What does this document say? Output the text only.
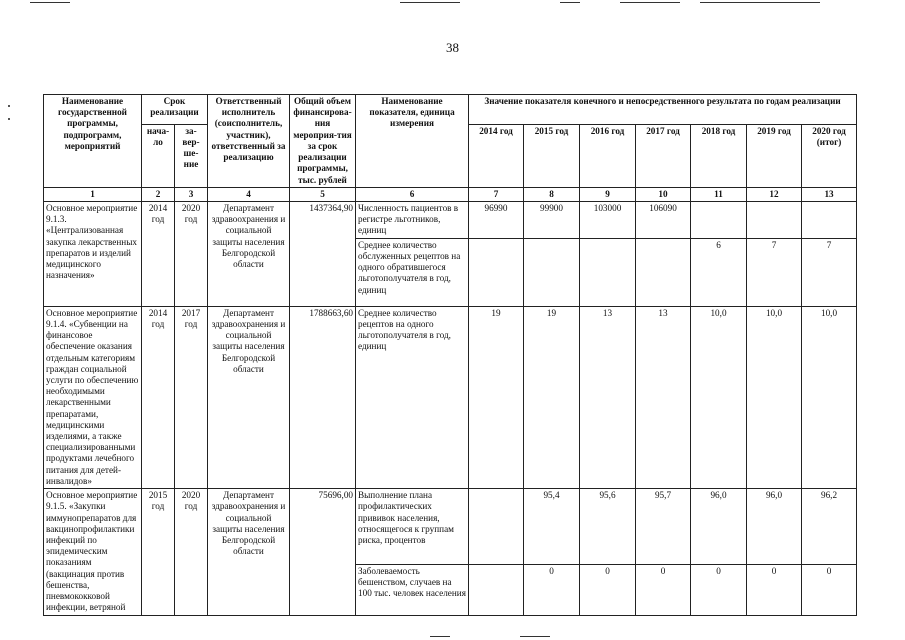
38
Наименование государственной программы, подпрограмм, мероприятий	Срок реализации		Ответственный исполнитель (соисполнитель, участник), ответственный за реализацию	Общий объем финансирова-ния мероприя-тия за срок реализации программы, тыс. рублей	Наименование показателя, единица измерения	Значение показателя конечного и непосредственного результата по годам реализации						
	нача-ло	за-вер-ше-ние				2014 год	2015 год	2016 год	2017 год	2018 год	2019 год	2020 год (итог)
1	2	3	4	5	6	7	8	9	10	11	12	13
Основное мероприятие 9.1.3. «Централизованная закупка лекарственных препаратов и изделий медицинского назначения»	2014 год	2020 год	Департамент здравоохранения и социальной защиты населения Белгородской области	1437364,90	Численность пациентов в регистре льготников, единиц	96990	99900	103000	106090			
					Среднее количество обслуженных рецептов на одного обратившегося льготополучателя в год, единиц					6	7	7
Основное мероприятие 9.1.4. «Субвенции на финансовое обеспечение оказания отдельным категориям граждан социальной услуги по обеспечению необходимыми лекарственными препаратами, медицинскими изделиями, а также специализированными продуктами лечебного питания для детей-инвалидов»	2014 год	2017 год	Департамент здравоохранения и социальной защиты населения Белгородской области	1788663,60	Среднее количество рецептов на одного льготополучателя в год, единиц	19	19	13	13	10,0	10,0	10,0
Основное мероприятие 9.1.5. «Закупки иммунопрепаратов для вакцинопрофилактики инфекций по эпидемическим показаниям (вакцинация против бешенства, пневмококковой инфекции, ветряной	2015 год	2020 год	Департамент здравоохранения и социальной защиты населения Белгородской области	75696,00	Выполнение плана профилактических прививок населения, относящегося к группам риска, процентов		95,4	95,6	95,7	96,0	96,0	96,2
					Заболеваемость бешенством, случаев на 100 тыс. человек населения		0	0	0	0	0	0
